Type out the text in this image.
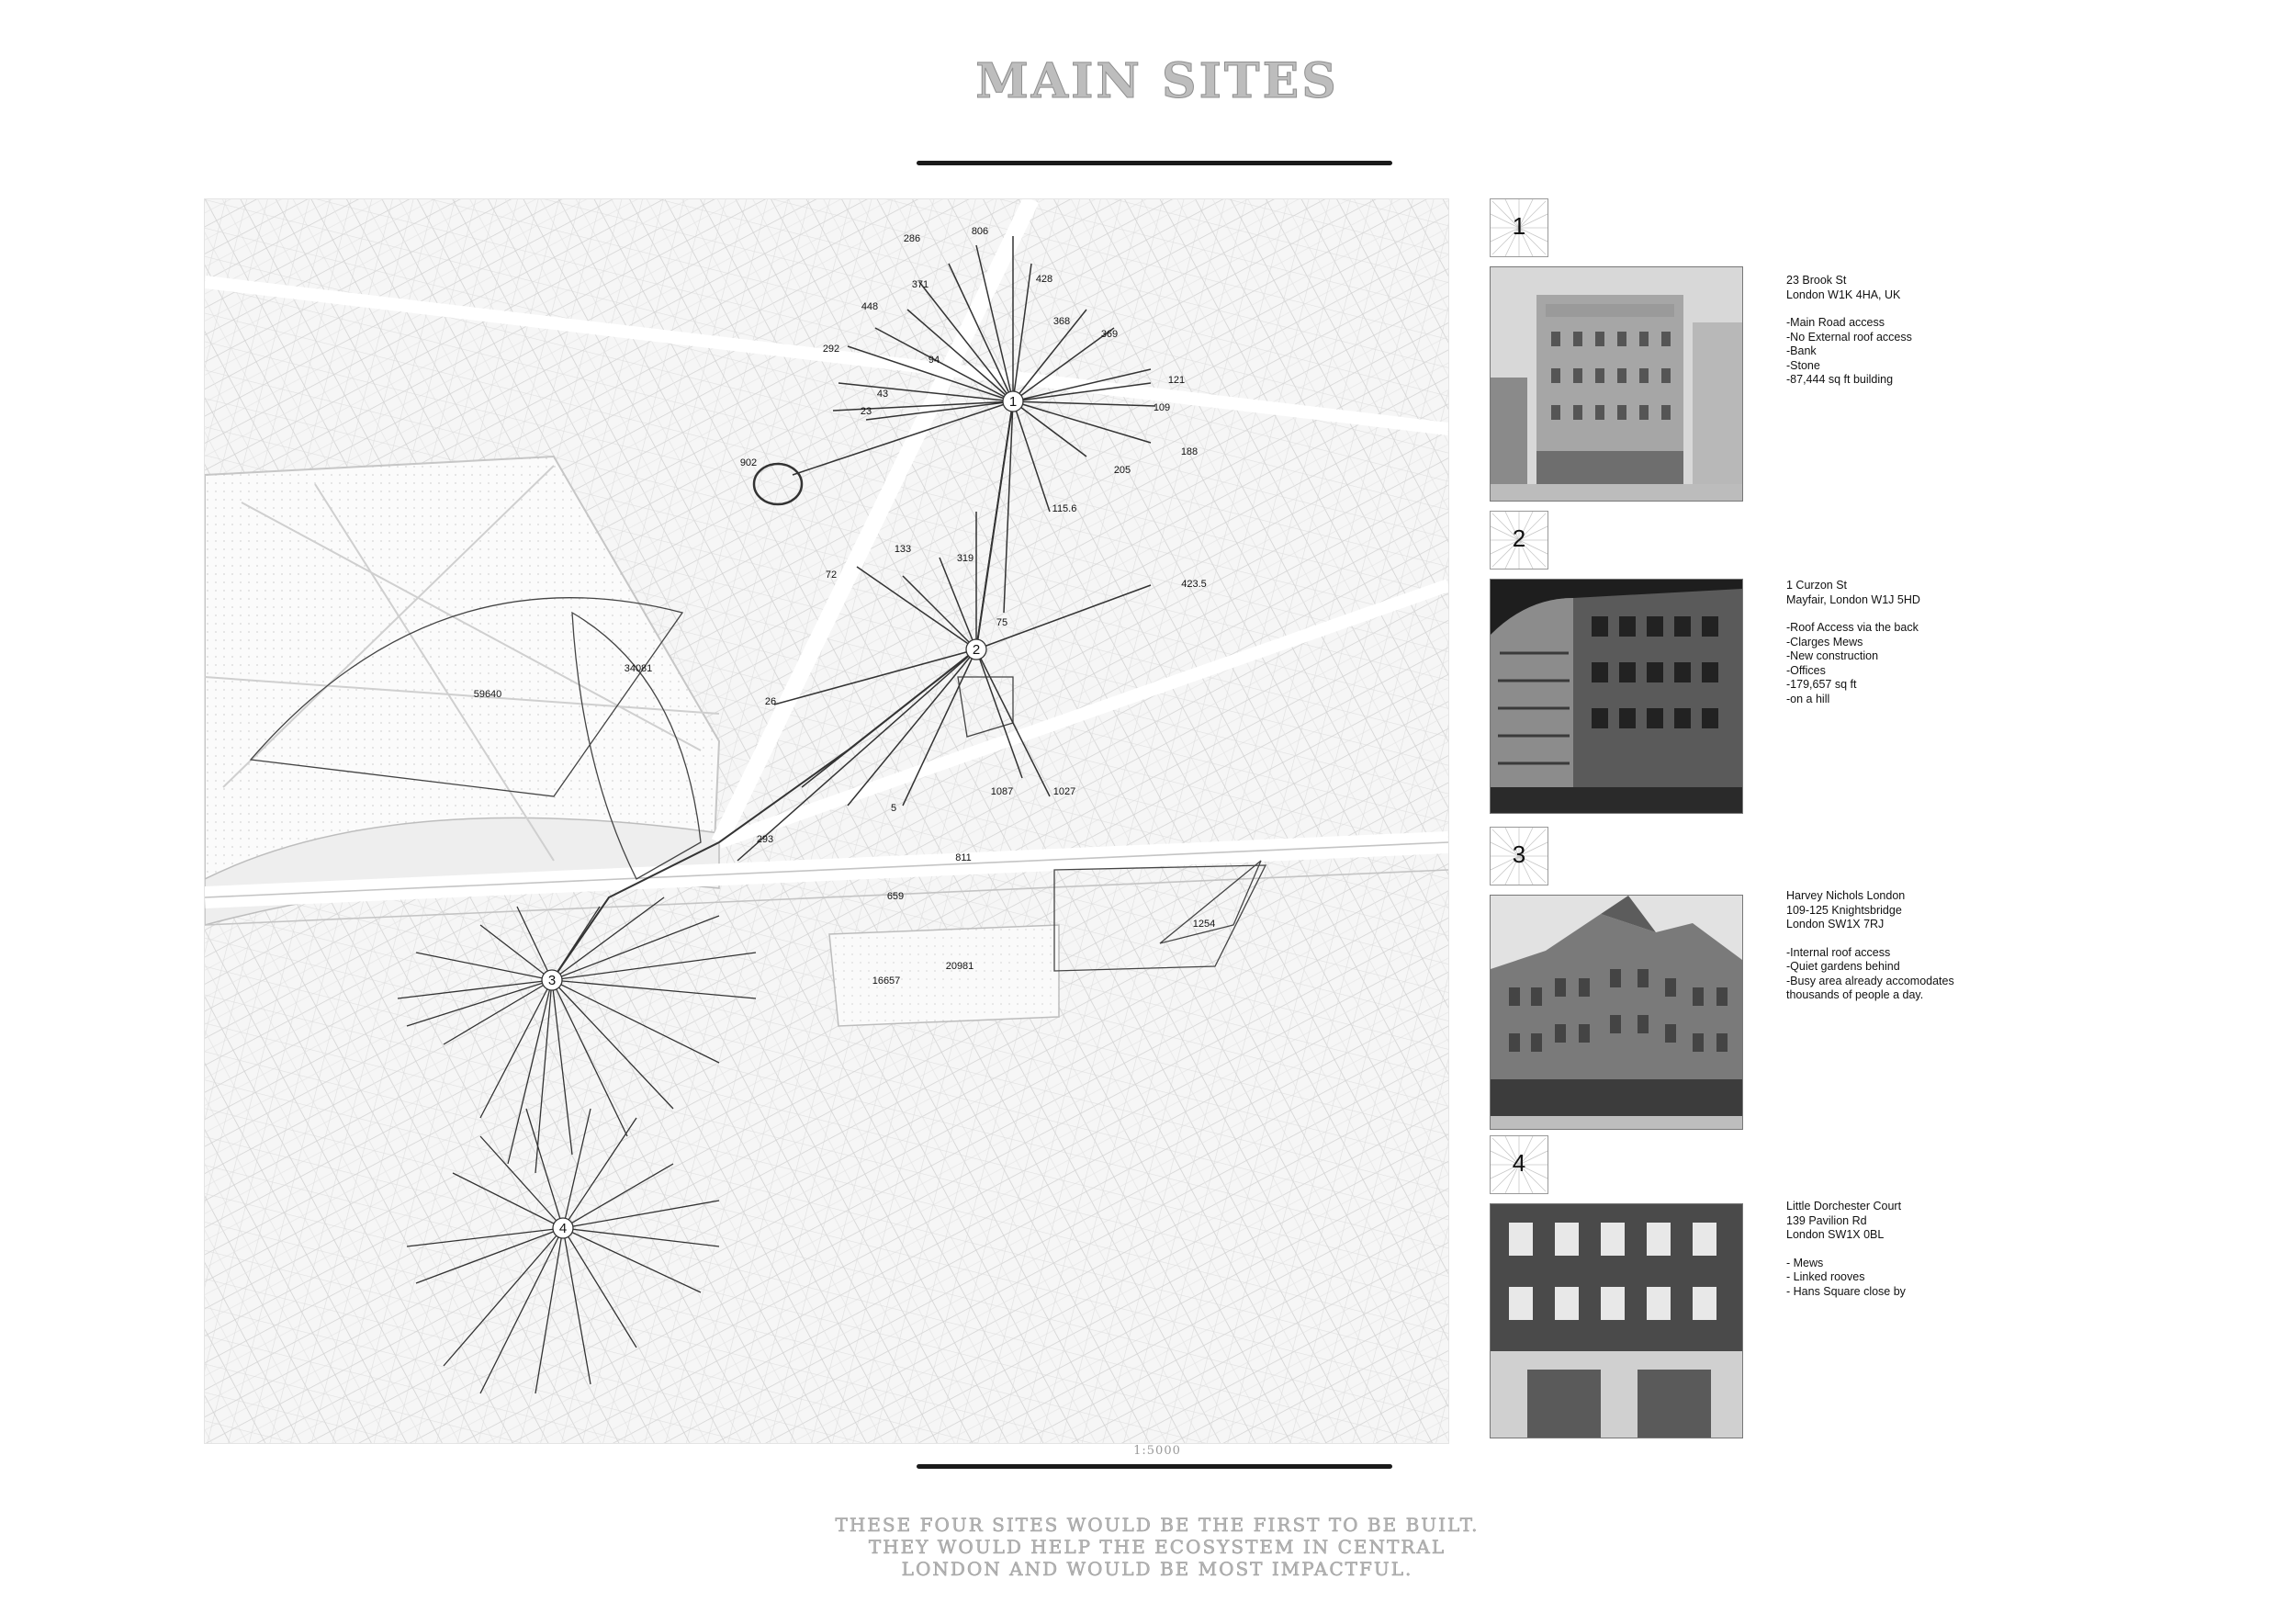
MAIN SITES
1
2
3
4
286
806
371	428
448
368
369
292
94
121
43
109
23
188
205
902
115.6
133
319
72
423.5
75
34081
59640
26
5
1087	1027
293
811
659
1254
20981
16657
1:5000
THESE FOUR SITES WOULD BE THE FIRST TO BE BUILT.
THEY WOULD HELP THE ECOSYSTEM IN CENTRAL
LONDON AND WOULD BE MOST IMPACTFUL.
1
23 Brook St
London W1K 4HA, UK
-Main Road access
-No External roof access
-Bank
-Stone
-87,444 sq ft building
2
1 Curzon St
Mayfair, London W1J 5HD
-Roof Access via the back
-Clarges Mews
-New construction
-Offices
-179,657 sq ft
-on a hill
3
Harvey Nichols London
109-125 Knightsbridge
London SW1X 7RJ
-Internal roof access
-Quiet gardens behind
-Busy area already accomodates
thousands of people a day.
4
Little Dorchester Court
139 Pavilion Rd
London SW1X 0BL
- Mews
- Linked rooves
- Hans Square close by
